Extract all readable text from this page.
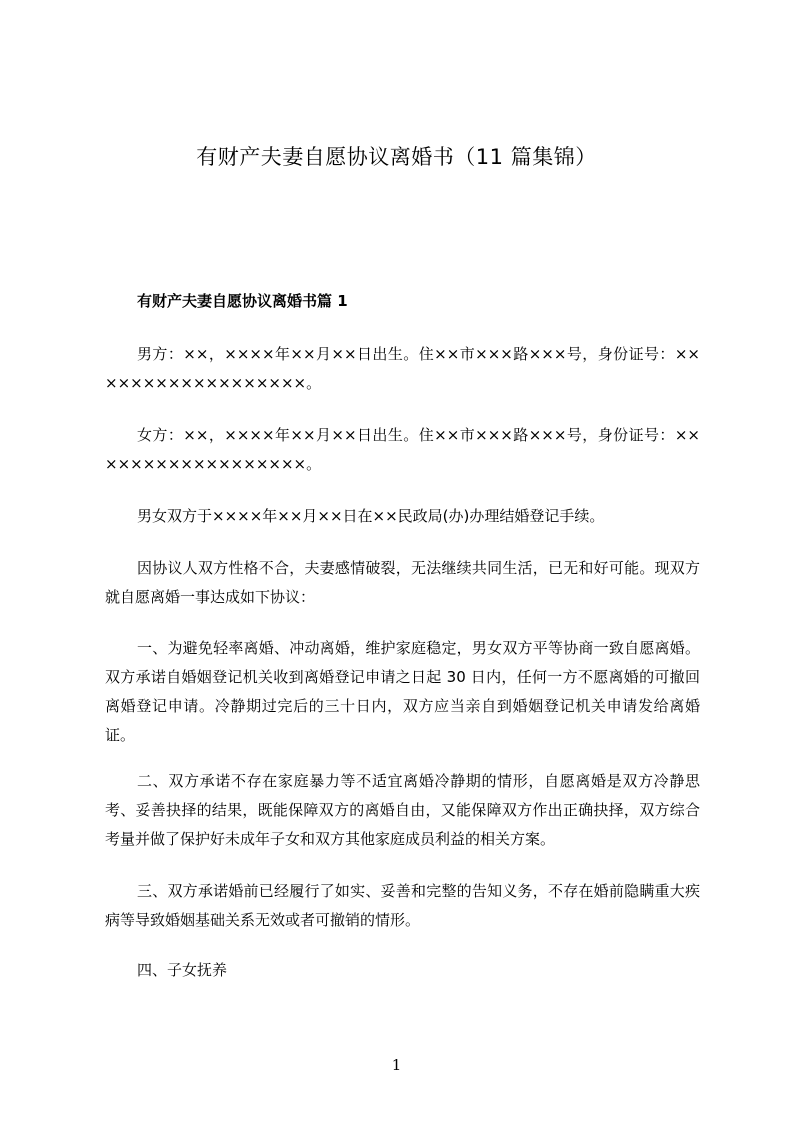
有财产夫妻自愿协议离婚书（11 篇集锦）
有财产夫妻自愿协议离婚书篇 1

男方：××，××××年××月××日出生。住××市×××路×××号，身份证号：××××××××××××××××××。

女方：××，××××年××月××日出生。住××市×××路×××号，身份证号：××××××××××××××××××。

男女双方于××××年××月××日在××民政局(办)办理结婚登记手续。

因协议人双方性格不合，夫妻感情破裂，无法继续共同生活，已无和好可能。现双方就自愿离婚一事达成如下协议：

一、为避免轻率离婚、冲动离婚，维护家庭稳定，男女双方平等协商一致自愿离婚。双方承诺自婚姻登记机关收到离婚登记申请之日起 30 日内，任何一方不愿离婚的可撤回离婚登记申请。冷静期过完后的三十日内，双方应当亲自到婚姻登记机关申请发给离婚证。

二、双方承诺不存在家庭暴力等不适宜离婚冷静期的情形，自愿离婚是双方冷静思考、妥善抉择的结果，既能保障双方的离婚自由，又能保障双方作出正确抉择，双方综合考量并做了保护好未成年子女和双方其他家庭成员利益的相关方案。

三、双方承诺婚前已经履行了如实、妥善和完整的告知义务，不存在婚前隐瞒重大疾病等导致婚姻基础关系无效或者可撤销的情形。

四、子女抚养

1
